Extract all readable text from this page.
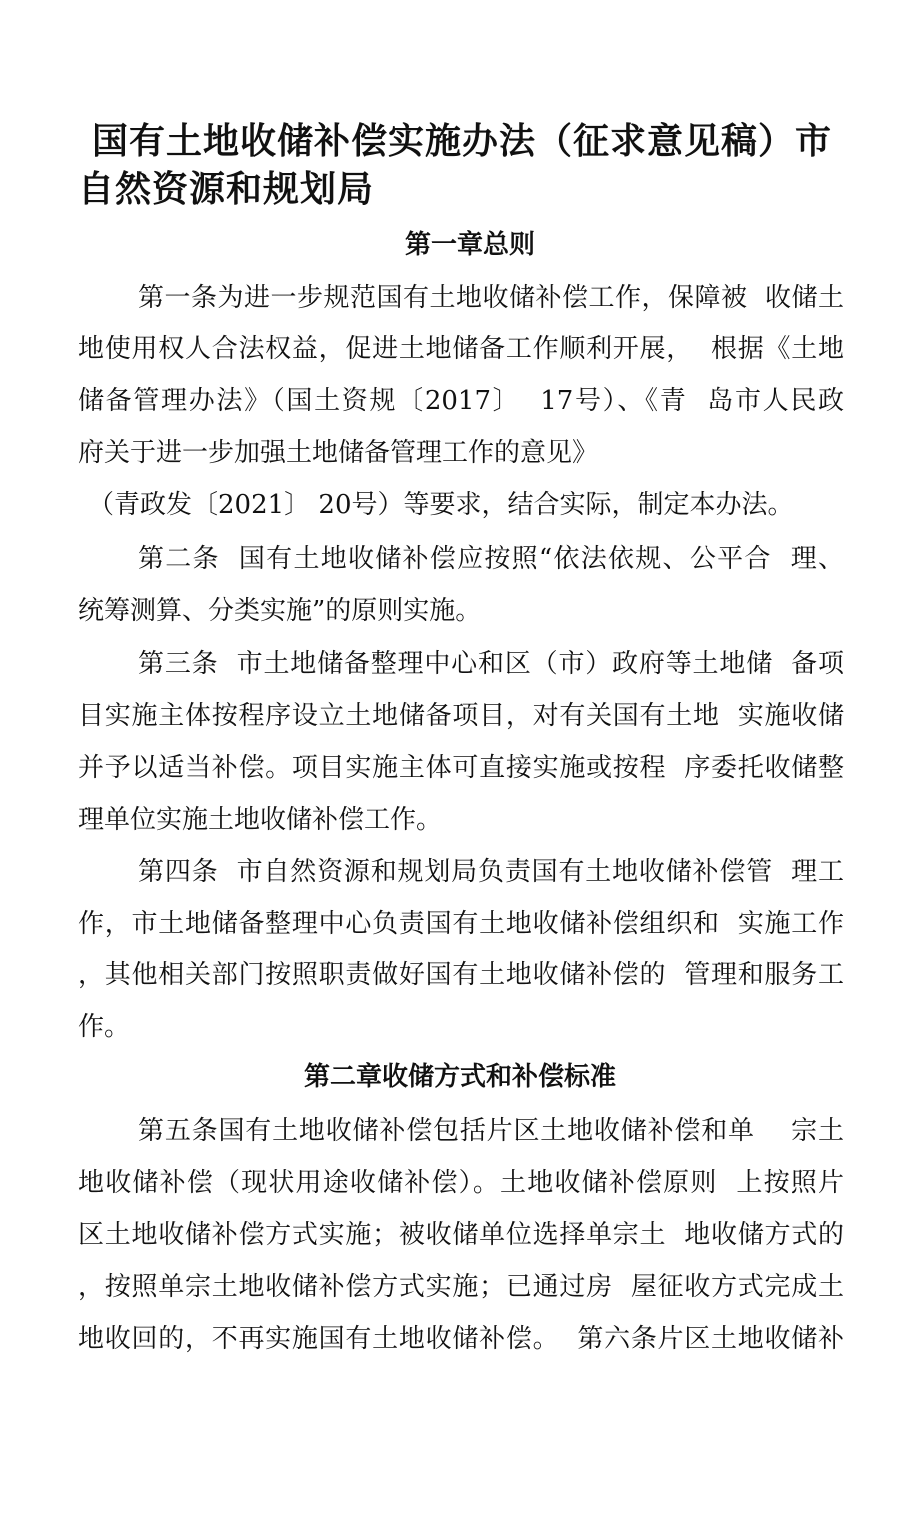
国有土地收储补偿实施办法（征求意见稿）市
自然资源和规划局
第一章总则

第一条为进一步规范国有土地收储补偿工作，保障被  收储土

地使用权人合法权益，促进土地储备工作顺利开展，  根据《土地

储备管理办法》（国土资规〔2017〕  17号）、《青  岛市人民政

府关于进一步加强土地储备管理工作的意见》

（青政发〔2021〕 20号）等要求，结合实际，制定本办法。

第二条  国有土地收储补偿应按照“依法依规、公平合  理、

统筹测算、分类实施”的原则实施。

第三条  市土地储备整理中心和区（市）政府等土地储  备项

目实施主体按程序设立土地储备项目，对有关国有土地  实施收储

并予以适当补偿。项目实施主体可直接实施或按程  序委托收储整

理单位实施土地收储补偿工作。

第四条  市自然资源和规划局负责国有土地收储补偿管  理工

作，市土地储备整理中心负责国有土地收储补偿组织和  实施工作

，其他相关部门按照职责做好国有土地收储补偿的  管理和服务工

作。

第二章收储方式和补偿标准

第五条国有土地收储补偿包括片区土地收储补偿和单    宗土

地收储补偿（现状用途收储补偿）。土地收储补偿原则  上按照片

区土地收储补偿方式实施；被收储单位选择单宗土  地收储方式的

，按照单宗土地收储补偿方式实施；已通过房  屋征收方式完成土

地收回的，不再实施国有土地收储补偿。  第六条片区土地收储补
